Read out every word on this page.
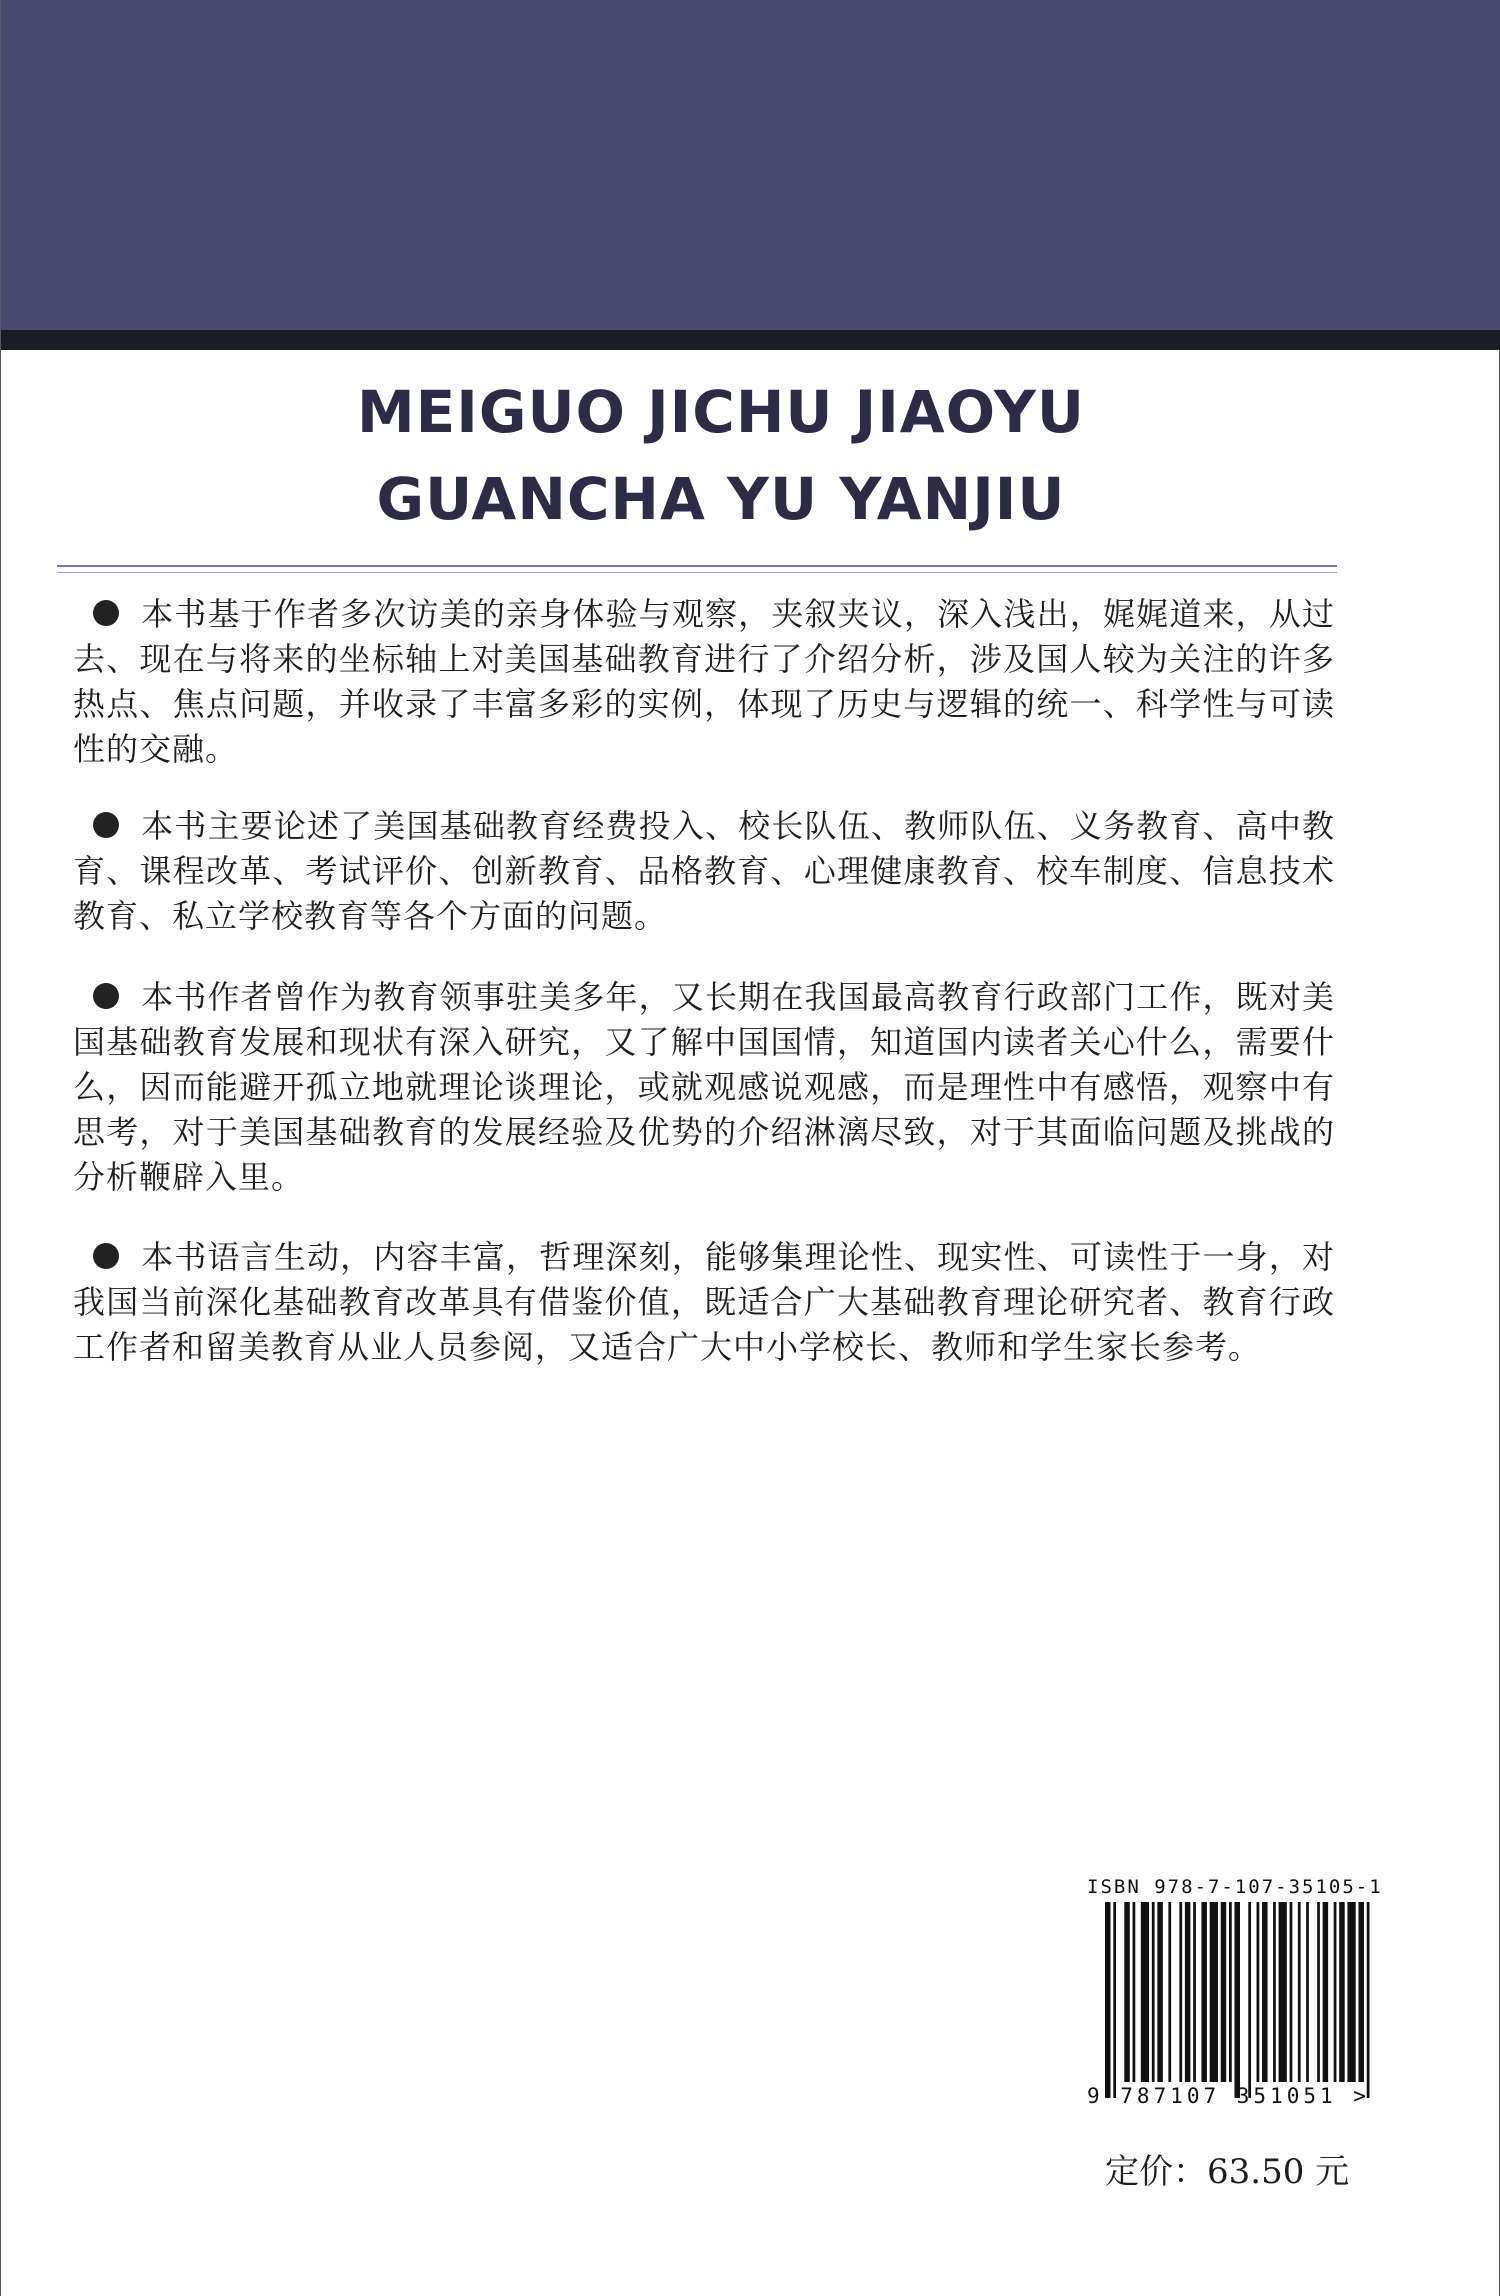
MEIGUO JICHU JIAOYU
GUANCHA YU YANJIU
本书基于作者多次访美的亲身体验与观察，夹叙夹议，深入浅出，娓娓道来，从过去、现在与将来的坐标轴上对美国基础教育进行了介绍分析，涉及国人较为关注的许多热点、焦点问题，并收录了丰富多彩的实例，体现了历史与逻辑的统一、科学性与可读性的交融。
本书主要论述了美国基础教育经费投入、校长队伍、教师队伍、义务教育、高中教育、课程改革、考试评价、创新教育、品格教育、心理健康教育、校车制度、信息技术教育、私立学校教育等各个方面的问题。
本书作者曾作为教育领事驻美多年，又长期在我国最高教育行政部门工作，既对美国基础教育发展和现状有深入研究，又了解中国国情，知道国内读者关心什么，需要什么，因而能避开孤立地就理论谈理论，或就观感说观感，而是理性中有感悟，观察中有思考，对于美国基础教育的发展经验及优势的介绍淋漓尽致，对于其面临问题及挑战的分析鞭辟入里。
本书语言生动，内容丰富，哲理深刻，能够集理论性、现实性、可读性于一身，对我国当前深化基础教育改革具有借鉴价值，既适合广大基础教育理论研究者、教育行政工作者和留美教育从业人员参阅，又适合广大中小学校长、教师和学生家长参考。
ISBN 978-7-107-35105-1
9 787107 351051 >
定价：63.50 元
